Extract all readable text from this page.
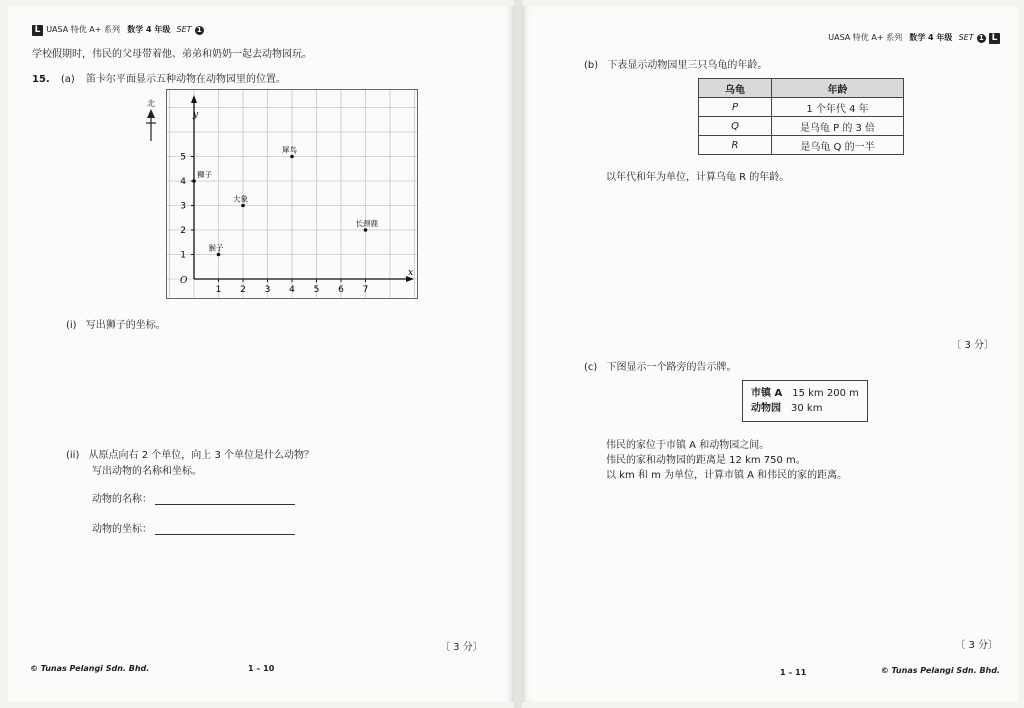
L UASA 特优 A+ 系列 数学 4 年级 SET 1
学校假期时，伟民的父母带着他、弟弟和奶奶一起去动物园玩。
15. (a) 笛卡尔平面显示五种动物在动物园里的位置。
北
x
y
O
1 2 3 4 5 6 7
1
2
3
4
5
狮子
犀鸟
大象
长颈鹿
猴子
(i) 写出狮子的坐标。
(ii) 从原点向右 2 个单位，向上 3 个单位是什么动物？
写出动物的名称和坐标。
动物的名称：
动物的坐标：
〔 3 分〕
© Tunas Pelangi Sdn. Bhd.	1 – 10
UASA 特优 A+ 系列 数学 4 年级 SET 1 L
(b) 下表显示动物园里三只乌龟的年龄。
乌龟	年龄
P	1 个年代 4 年
Q	是乌龟 P 的 3 倍
R	是乌龟 Q 的一半
以年代和年为单位，计算乌龟 R 的年龄。
〔 3 分〕
(c) 下图显示一个路旁的告示牌。
市镇 A 15 km 200 m
动物园 30 km
伟民的家位于市镇 A 和动物园之间。
伟民的家和动物园的距离是 12 km 750 m。
以 km 和 m 为单位，计算市镇 A 和伟民的家的距离。
〔 3 分〕
1 – 11	© Tunas Pelangi Sdn. Bhd.
